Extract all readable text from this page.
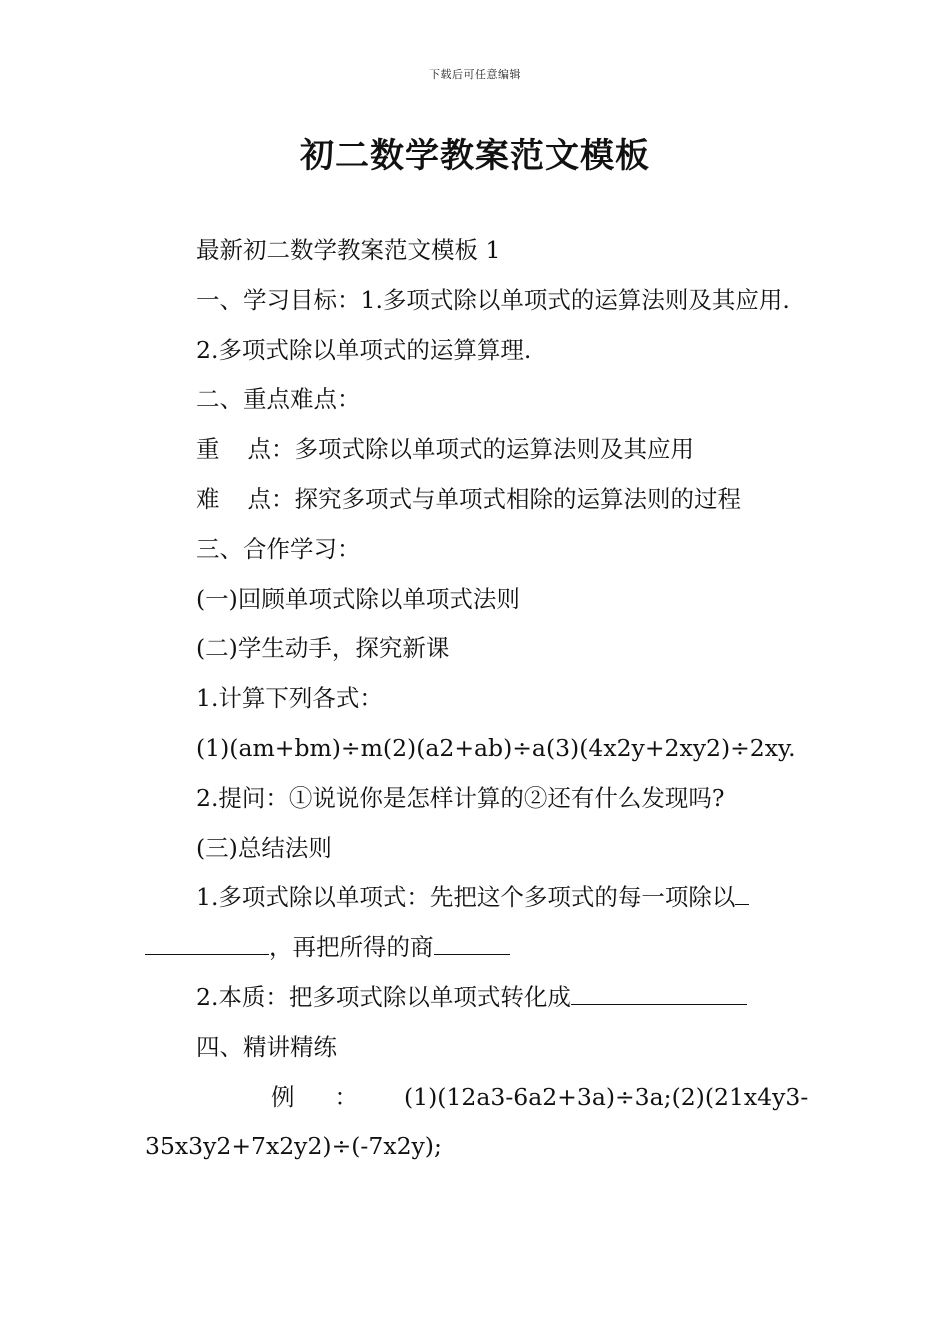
下载后可任意编辑
初二数学教案范文模板

最新初二数学教案范文模板 1

一、学习目标：1.多项式除以单项式的运算法则及其应用.

2.多项式除以单项式的运算算理.

二、重点难点：

重 点：多项式除以单项式的运算法则及其应用

难 点：探究多项式与单项式相除的运算法则的过程

三、合作学习：

(一)回顾单项式除以单项式法则

(二)学生动手，探究新课

1.计算下列各式：

(1)(am+bm)÷m(2)(a2+ab)÷a(3)(4x2y+2xy2)÷2xy.

2.提问：①说说你是怎样计算的②还有什么发现吗?

(三)总结法则

1.多项式除以单项式：先把这个多项式的每一项除以，再把所得的商

2.本质：把多项式除以单项式转化成

四、精讲精练

例 ： (1)(12a3-6a2+3a)÷3a;(2)(21x4y3-35x3y2+7x2y2)÷(-7x2y);
